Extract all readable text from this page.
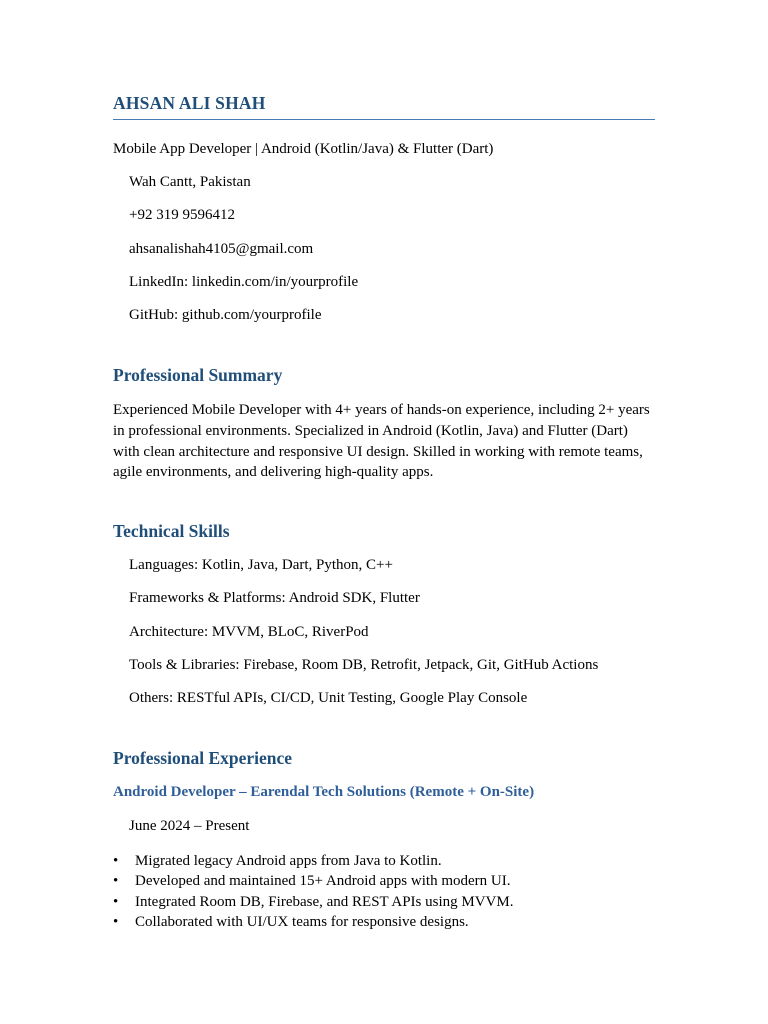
AHSAN ALI SHAH
Mobile App Developer | Android (Kotlin/Java) & Flutter (Dart)
Wah Cantt, Pakistan
+92 319 9596412
ahsanalishah4105@gmail.com
LinkedIn: linkedin.com/in/yourprofile
GitHub: github.com/yourprofile
Professional Summary
Experienced Mobile Developer with 4+ years of hands-on experience, including 2+ years in professional environments. Specialized in Android (Kotlin, Java) and Flutter (Dart) with clean architecture and responsive UI design. Skilled in working with remote teams, agile environments, and delivering high-quality apps.
Technical Skills
Languages: Kotlin, Java, Dart, Python, C++
Frameworks & Platforms: Android SDK, Flutter
Architecture: MVVM, BLoC, RiverPod
Tools & Libraries: Firebase, Room DB, Retrofit, Jetpack, Git, GitHub Actions
Others: RESTful APIs, CI/CD, Unit Testing, Google Play Console
Professional Experience
Android Developer – Earendal Tech Solutions (Remote + On-Site)
June 2024 – Present
•	Migrated legacy Android apps from Java to Kotlin.
•	Developed and maintained 15+ Android apps with modern UI.
•	Integrated Room DB, Firebase, and REST APIs using MVVM.
•	Collaborated with UI/UX teams for responsive designs.
